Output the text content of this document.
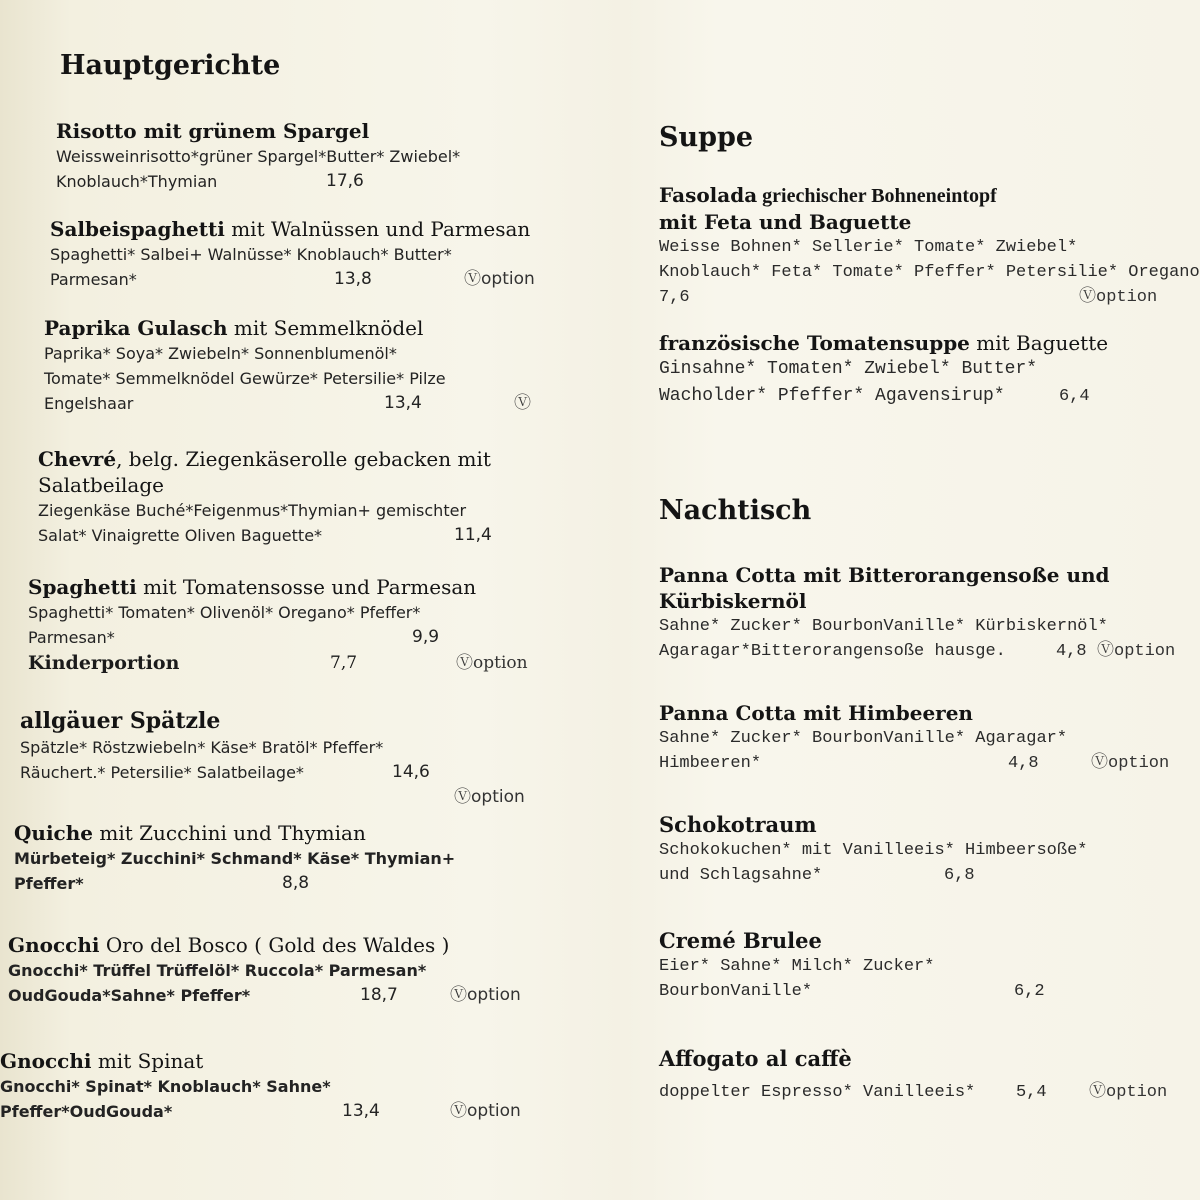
Hauptgerichte
Risotto mit grünem Spargel
Weissweinrisotto*grüner Spargel*Butter* Zwiebel*
Knoblauch*Thymian	17,6
Salbeispaghetti mit Walnüssen und Parmesan
Spaghetti* Salbei+ Walnüsse* Knoblauch* Butter*
Parmesan*	13,8	Ⓥoption
Paprika Gulasch mit Semmelknödel
Paprika* Soya* Zwiebeln* Sonnenblumenöl*
Tomate* Semmelknödel Gewürze* Petersilie* Pilze
Engelshaar	13,4	Ⓥ
Chevré, belg. Ziegenkäserolle gebacken mit
Salatbeilage
Ziegenkäse Buché*Feigenmus*Thymian+ gemischter
Salat* Vinaigrette Oliven Baguette*	11,4
Spaghetti mit Tomatensosse und Parmesan
Spaghetti* Tomaten* Olivenöl* Oregano* Pfeffer*
Parmesan*	9,9
Kinderportion	7,7	Ⓥoption
allgäuer Spätzle
Spätzle* Röstzwiebeln* Käse* Bratöl* Pfeffer*
Räuchert.* Petersilie* Salatbeilage*	14,6

Ⓥoption
Quiche mit Zucchini und Thymian
Mürbeteig* Zucchini* Schmand* Käse* Thymian+
Pfeffer*	8,8
Gnocchi Oro del Bosco ( Gold des Waldes )
Gnocchi* Trüffel Trüffelöl* Ruccola* Parmesan*
OudGouda*Sahne* Pfeffer*	18,7	Ⓥoption
Gnocchi mit Spinat
Gnocchi* Spinat* Knoblauch* Sahne*
Pfeffer*OudGouda*	13,4	Ⓥoption
Suppe
Fasolada griechischer Bohneneintopf
mit Feta und Baguette
Weisse Bohnen* Sellerie* Tomate* Zwiebel*
Knoblauch* Feta* Tomate* Pfeffer* Petersilie* Oregano
7,6	Ⓥoption
französische Tomatensuppe mit Baguette
Ginsahne* Tomaten* Zwiebel* Butter*
Wacholder* Pfeffer* Agavensirup*	6,4
Nachtisch
Panna Cotta mit Bitterorangensoße und
Kürbiskernöl
Sahne* Zucker* BourbonVanille* Kürbiskernöl*
Agaragar*Bitterorangensoße hausge.	4,8 Ⓥoption
Panna Cotta mit Himbeeren
Sahne* Zucker* BourbonVanille* Agaragar*
Himbeeren*	4,8	Ⓥoption
Schokotraum
Schokokuchen* mit Vanilleeis* Himbeersoße*
und Schlagsahne*	6,8
Cremé Brulee
Eier* Sahne* Milch* Zucker*
BourbonVanille*	6,2
Affogato al caffè
doppelter Espresso* Vanilleeis* 5,4 Ⓥoption
